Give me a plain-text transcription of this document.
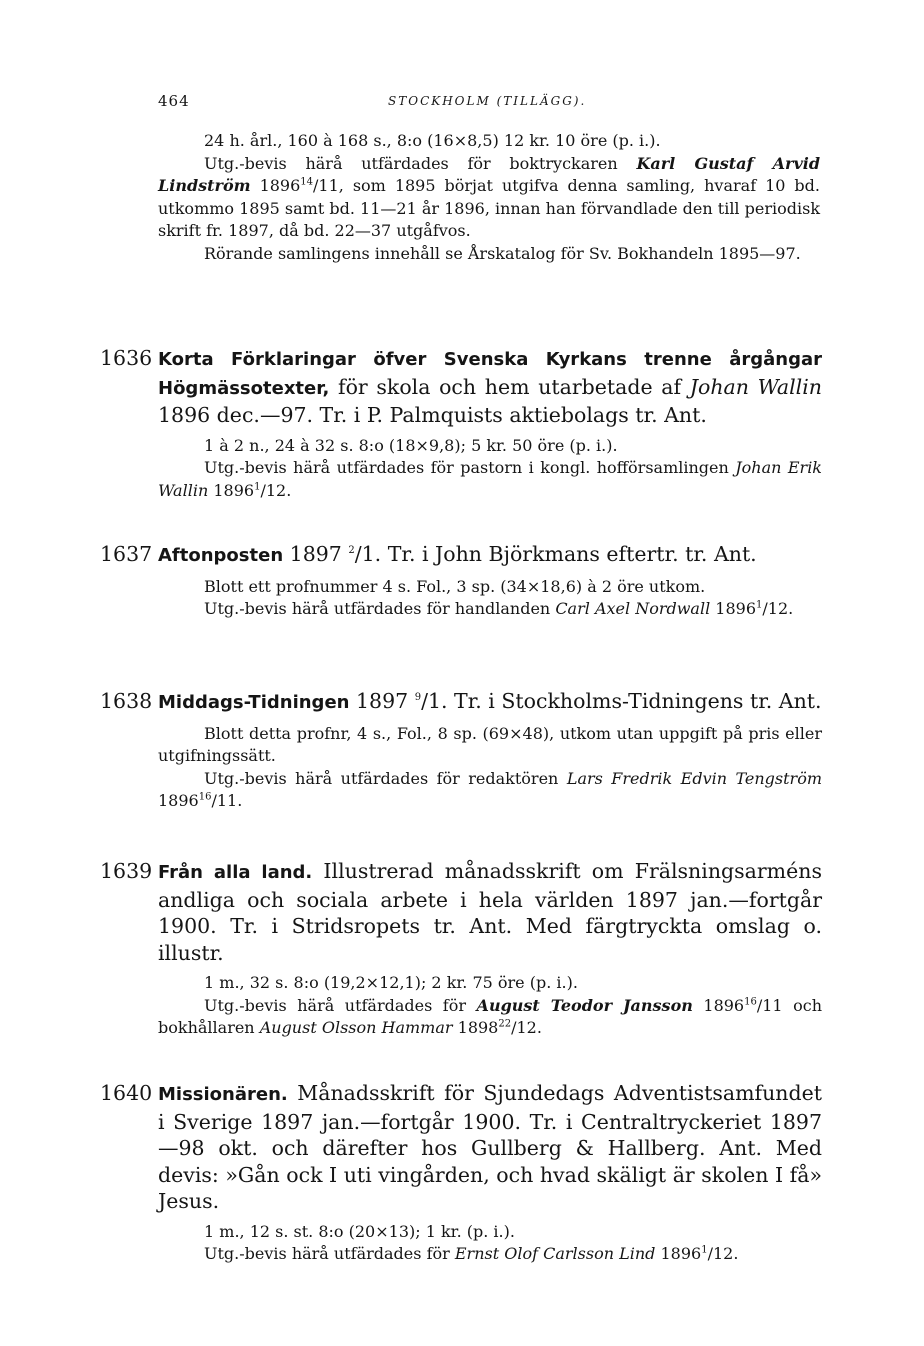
464	STOCKHOLM (TILLÄGG).
24 h. årl., 160 à 168 s., 8:o (16×8,5) 12 kr. 10 öre (p. i.).
Utg.-bevis härå utfärdades för boktryckaren Karl Gustaf Arvid Lindström 1896$^{14}$/11, som 1895 börjat utgifva denna samling, hvaraf 10 bd. utkommo 1895 samt bd. 11—21 år 1896, innan han förvandlade den till periodisk skrift fr. 1897, då bd. 22—37 utgåfvos.
Rörande samlingens innehåll se Årskatalog för Sv. Bokhandeln 1895—97.
1636 Korta Förklaringar öfver Svenska Kyrkans trenne årgångar Högmässotexter, för skola och hem utarbetade af Johan Wallin 1896 dec.—97. Tr. i P. Palmquists aktiebolags tr. Ant.
1 à 2 n., 24 à 32 s. 8:o (18×9,8); 5 kr. 50 öre (p. i.).
Utg.-bevis härå utfärdades för pastorn i kongl. hofförsamlingen Johan Erik Wallin 1896$^1$/12.
1637 Aftonposten 1897 $^2$/1. Tr. i John Björkmans eftertr. tr. Ant.
Blott ett profnummer 4 s. Fol., 3 sp. (34×18,6) à 2 öre utkom.
Utg.-bevis härå utfärdades för handlanden Carl Axel Nordwall 1896$^1$/12.
1638 Middags-Tidningen 1897 $^9$/1. Tr. i Stockholms-Tidningens tr. Ant.
Blott detta profnr, 4 s., Fol., 8 sp. (69×48), utkom utan uppgift på pris eller utgifningssätt.
Utg.-bevis härå utfärdades för redaktören Lars Fredrik Edvin Tengström 1896$^{16}$/11.
1639 Från alla land. Illustrerad månadsskrift om Frälsningsarméns andliga och sociala arbete i hela världen 1897 jan.—fortgår 1900. Tr. i Stridsropets tr. Ant. Med färgtryckta omslag o. illustr.
1 m., 32 s. 8:o (19,2×12,1); 2 kr. 75 öre (p. i.).
Utg.-bevis härå utfärdades för August Teodor Jansson 1896$^{16}$/11 och bokhållaren August Olsson Hammar 1898$^{22}$/12.
1640 Missionären. Månadsskrift för Sjundedags Adventistsamfundet i Sverige 1897 jan.—fortgår 1900. Tr. i Centraltryckeriet 1897—98 okt. och därefter hos Gullberg & Hallberg. Ant. Med devis: »Gån ock I uti vingården, och hvad skäligt är skolen I få» Jesus.
1 m., 12 s. st. 8:o (20×13); 1 kr. (p. i.).
Utg.-bevis härå utfärdades för Ernst Olof Carlsson Lind 1896$^1$/12.
